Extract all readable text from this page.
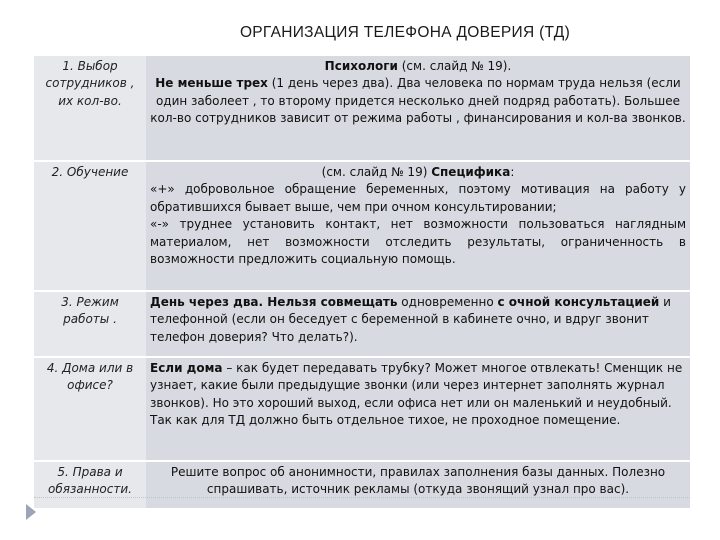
ОРГАНИЗАЦИЯ ТЕЛЕФОНА ДОВЕРИЯ (ТД)
1. Выбор сотрудников , их кол-во.	Психологи (см. слайд № 19).
Не меньше трех (1 день через два). Два человека по нормам труда нельзя (если один заболеет , то второму придется несколько дней подряд работать). Большее кол-во сотрудников зависит от режима работы , финансирования и кол-ва звонков.

2. Обучение	(см. слайд № 19) Специфика:
«+» добровольное обращение беременных, поэтому мотивация на работу у обратившихся бывает выше, чем при очном консультировании;
«-» труднее установить контакт, нет возможности пользоваться наглядным материалом, нет возможности отследить результаты, ограниченность в возможности предложить социальную помощь.

3. Режим работы .	День через два. Нельзя совмещать одновременно с очной консультацией и телефонной (если он беседует с беременной в кабинете очно, и вдруг звонит телефон доверия? Что делать?).

4. Дома или в офисе?	Если дома – как будет передавать трубку? Может многое отвлекать! Сменщик не узнает, какие были предыдущие звонки (или через интернет заполнять журнал звонков). Но это хороший выход, если офиса нет или он маленький и неудобный. Так как для ТД должно быть отдельное тихое, не проходное помещение.

5. Права и обязанности.	Решите вопрос об анонимности, правилах заполнения базы данных. Полезно спрашивать, источник рекламы (откуда звонящий узнал про вас).
